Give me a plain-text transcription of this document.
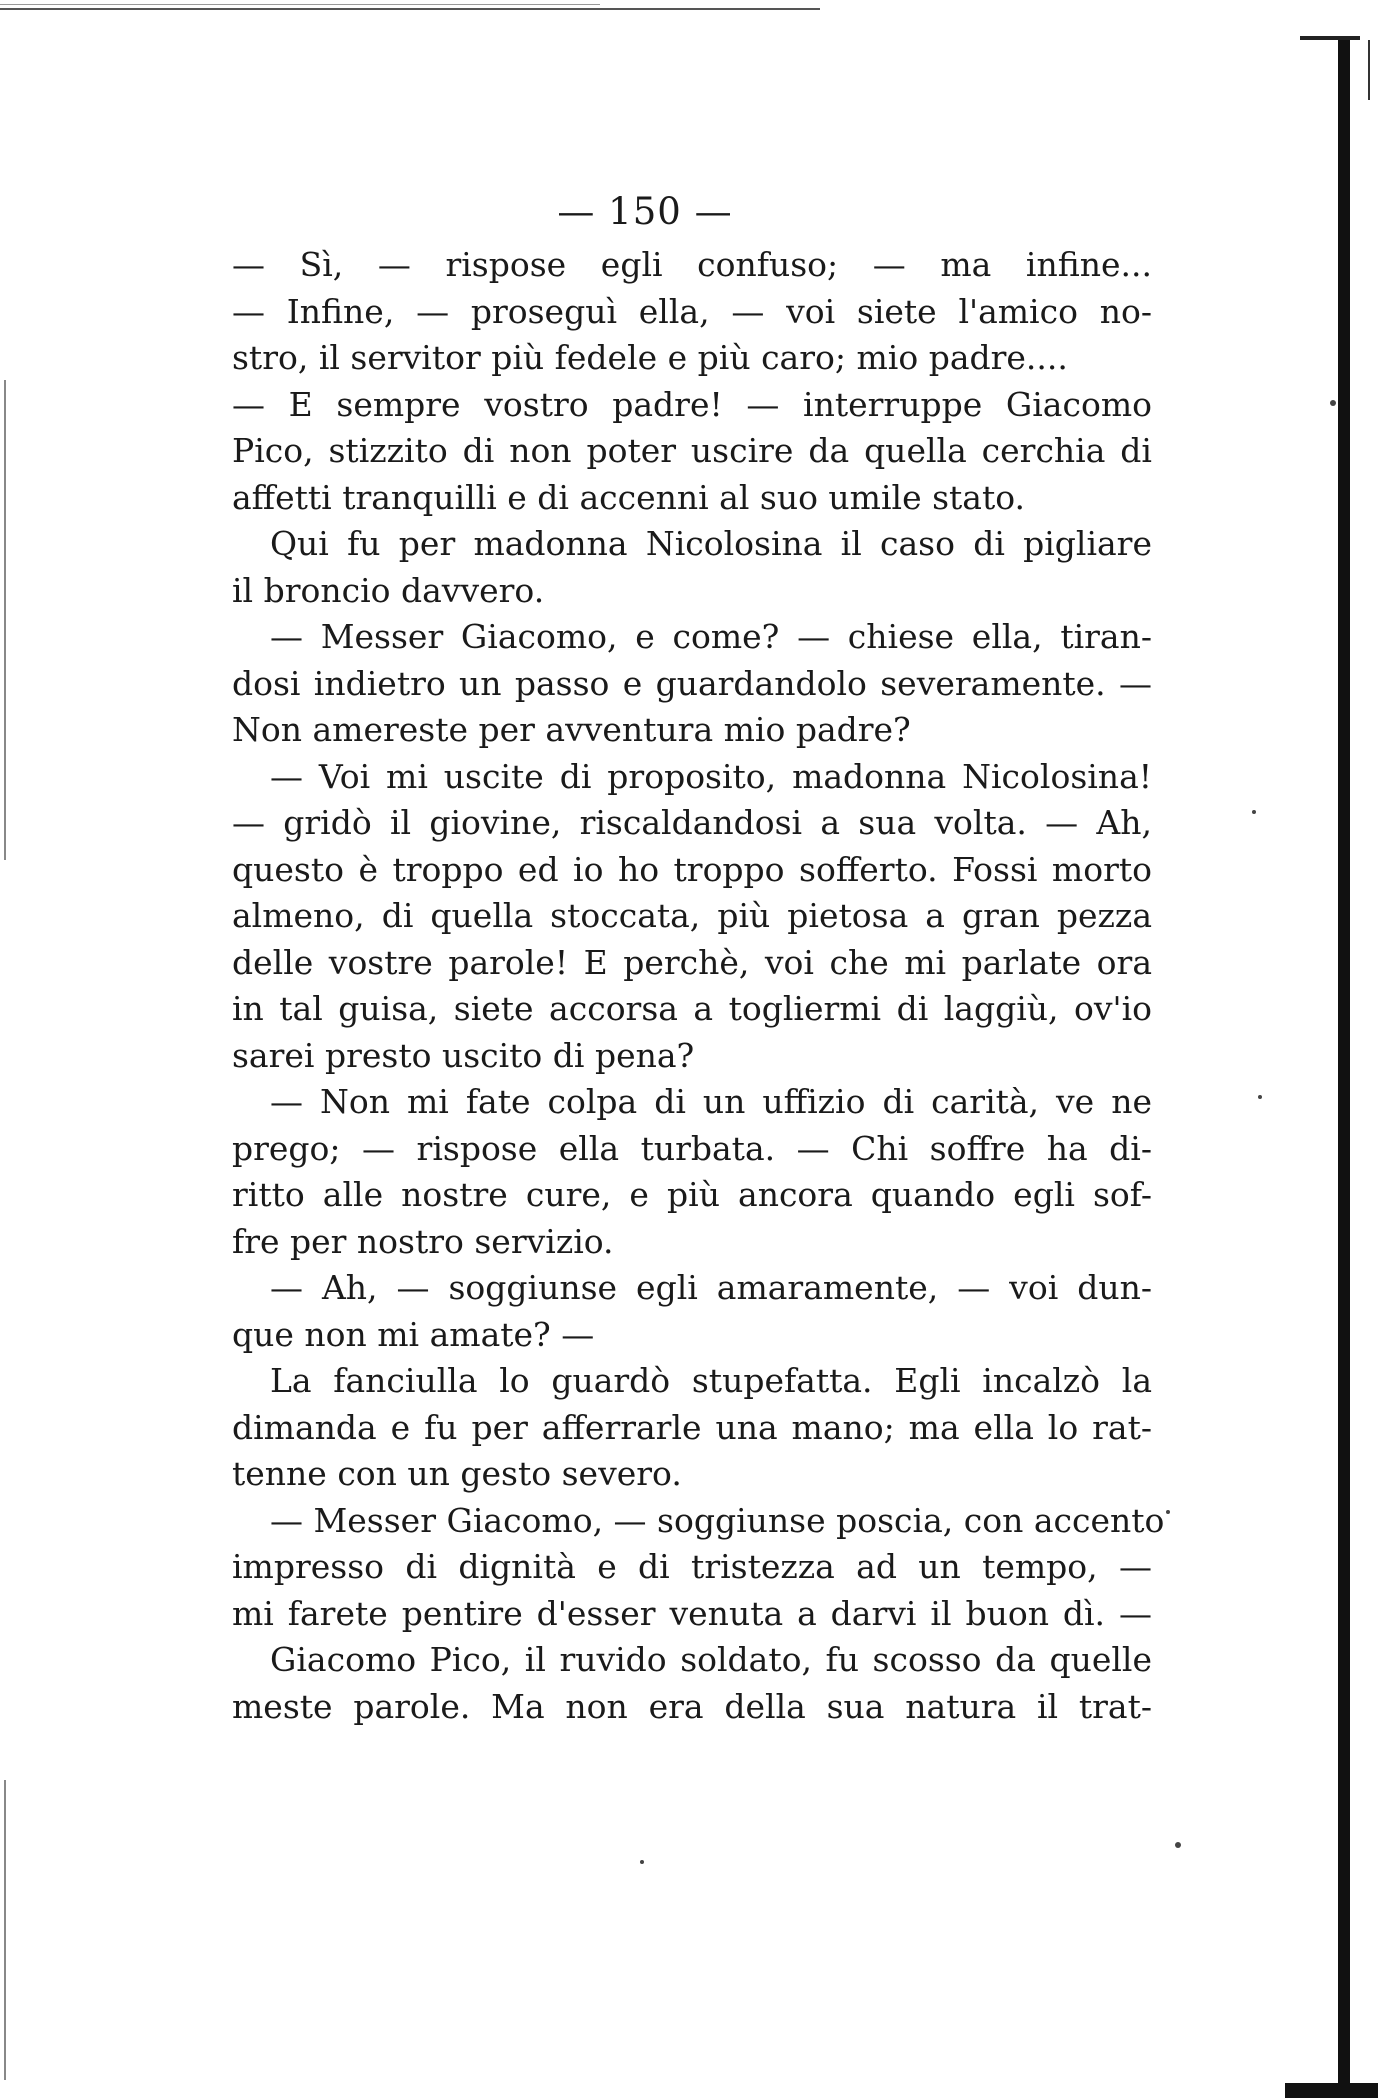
— 150 —
— Sì, — rispose egli confuso; — ma infine...
— Infine, — proseguì ella, — voi siete l'amico no-
stro, il servitor più fedele e più caro; mio padre....
— E sempre vostro padre! — interruppe Giacomo
Pico, stizzito di non poter uscire da quella cerchia di
affetti tranquilli e di accenni al suo umile stato.
Qui fu per madonna Nicolosina il caso di pigliare
il broncio davvero.
— Messer Giacomo, e come? — chiese ella, tiran-
dosi indietro un passo e guardandolo severamente. —
Non amereste per avventura mio padre?
— Voi mi uscite di proposito, madonna Nicolosina!
— gridò il giovine, riscaldandosi a sua volta. — Ah,
questo è troppo ed io ho troppo sofferto. Fossi morto
almeno, di quella stoccata, più pietosa a gran pezza
delle vostre parole! E perchè, voi che mi parlate ora
in tal guisa, siete accorsa a togliermi di laggiù, ov'io
sarei presto uscito di pena?
— Non mi fate colpa di un uffizio di carità, ve ne
prego; — rispose ella turbata. — Chi soffre ha di-
ritto alle nostre cure, e più ancora quando egli sof-
fre per nostro servizio.
— Ah, — soggiunse egli amaramente, — voi dun-
que non mi amate? —
La fanciulla lo guardò stupefatta. Egli incalzò la
dimanda e fu per afferrarle una mano; ma ella lo rat-
tenne con un gesto severo.
— Messer Giacomo, — soggiunse poscia, con accento
impresso di dignità e di tristezza ad un tempo, —
mi farete pentire d'esser venuta a darvi il buon dì. —
Giacomo Pico, il ruvido soldato, fu scosso da quelle
meste parole. Ma non era della sua natura il trat-
